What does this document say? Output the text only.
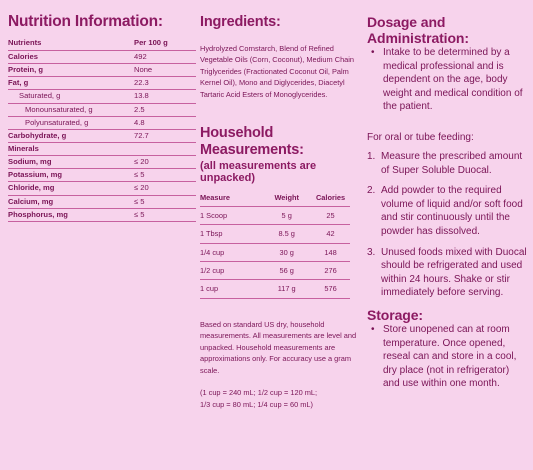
Nutrition Information:
Nutrients	Per 100 g
Calories	492
Protein, g	None
Fat, g	22.3
Saturated, g	13.8
Monounsaturated, g	2.5
Polyunsaturated, g	4.8
Carbohydrate, g	72.7
Minerals
Sodium, mg	≤ 20
Potassium, mg	≤ 5
Chloride, mg	≤ 20
Calcium, mg	≤ 5
Phosphorus, mg	≤ 5
Ingredients:

Hydrolyzed Cornstarch, Blend of Refined Vegetable Oils (Corn, Coconut), Medium Chain Triglycerides (Fractionated Coconut Oil, Palm Kernel Oil), Mono and Diglycerides, Diacetyl Tartaric Acid Esters of Monoglycerides.

Household Measurements:
(all measurements are unpacked)
Measure	Weight	Calories
1 Scoop	5 g	25
1 Tbsp	8.5 g	42
1/4 cup	30 g	148
1/2 cup	56 g	276
1 cup	117 g	576
Based on standard US dry, household measurements. All measurements are level and unpacked. Household measurements are approximations only. For accuracy use a gram scale.
(1 cup = 240 mL; 1/2 cup = 120 mL;
1/3 cup = 80 mL; 1/4 cup = 60 mL)
Dosage and Administration:
• Intake to be determined by a medical professional and is dependent on the age, body weight and medical condition of the patient.
For oral or tube feeding:
1. Measure the prescribed amount of Super Soluble Duocal.
2. Add powder to the required volume of liquid and/or soft food and stir continuously until the powder has dissolved.
3. Unused foods mixed with Duocal should be refrigerated and used within 24 hours. Shake or stir immediately before serving.
Storage:
• Store unopened can at room temperature. Once opened, reseal can and store in a cool, dry place (not in refrigerator) and use within one month.
